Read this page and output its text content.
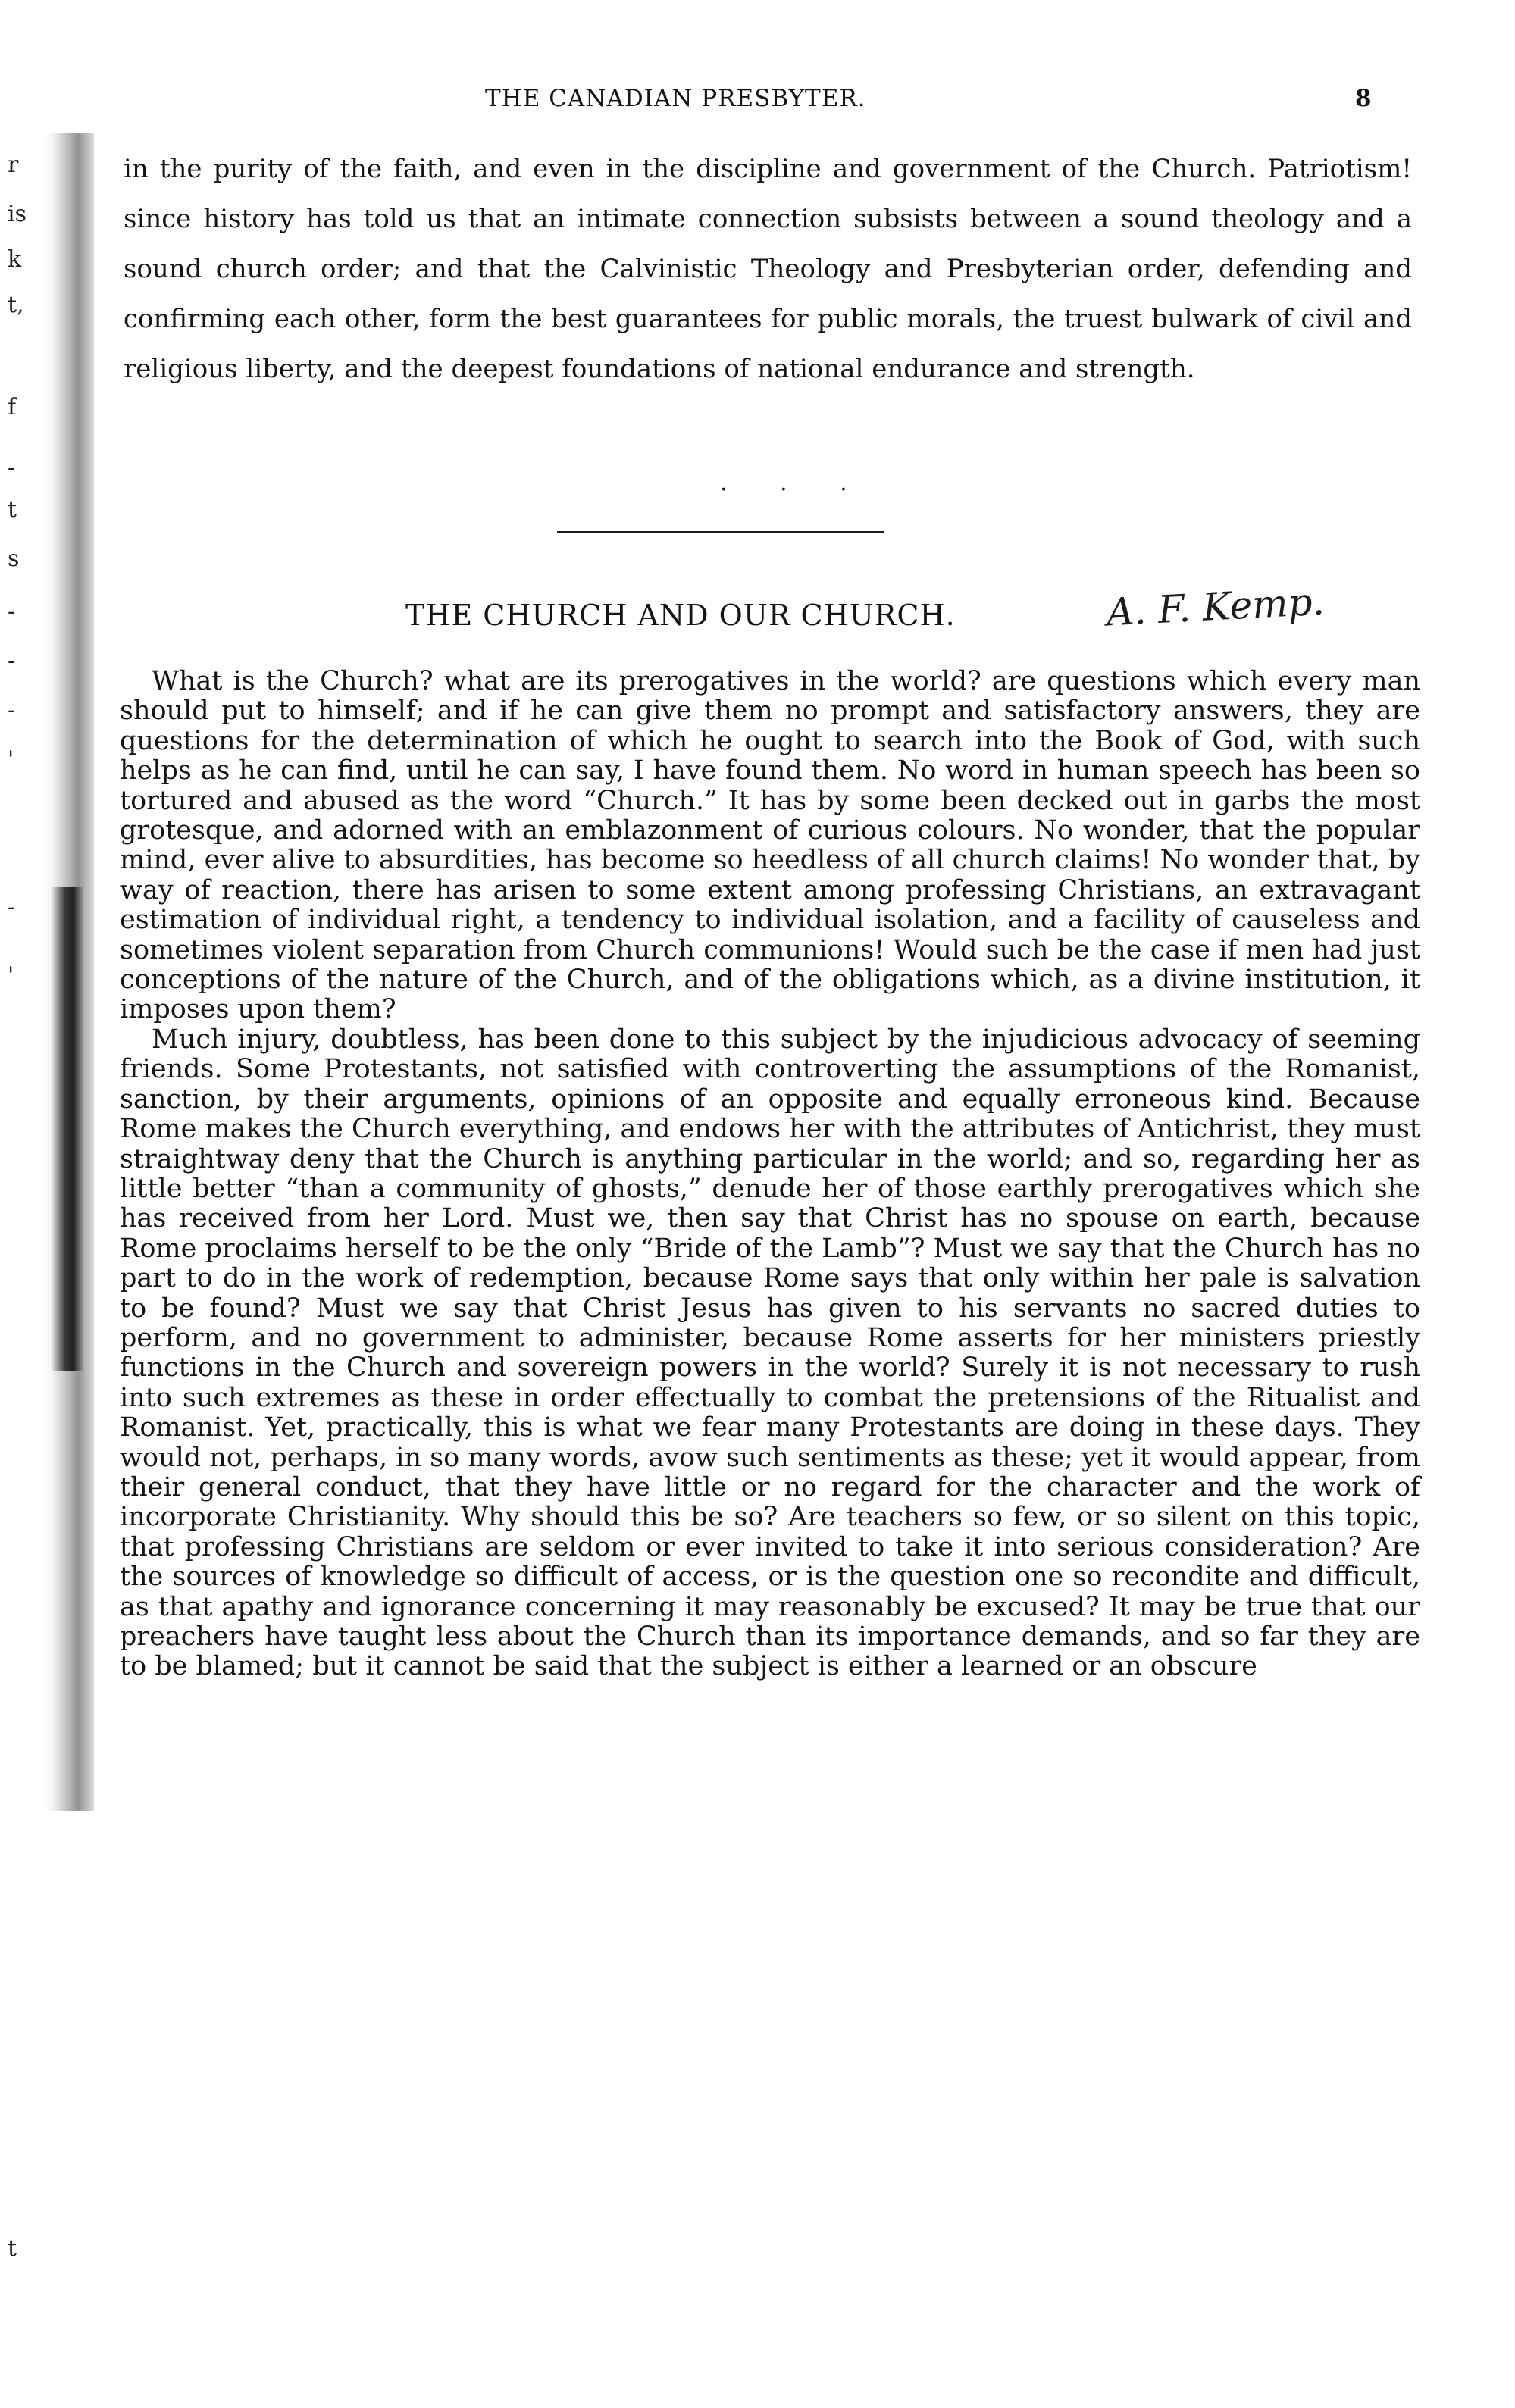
r
is
k
t,
f
-
t
s
-
-
-
'
-
'
t
THE CANADIAN PRESBYTER.	8

in the purity of the faith, and even in the discipline and government of the Church. Patriotism! since history has told us that an intimate connection subsists between a sound theology and a sound church order; and that the Calvinistic Theology and Presbyterian order, defending and confirming each other, form the best guarantees for public morals, the truest bulwark of civil and religious liberty, and the deepest foundations of national endurance and strength.

. . .
THE CHURCH AND OUR CHURCH.	A. F. Kemp.

What is the Church? what are its prerogatives in the world? are questions which every man should put to himself; and if he can give them no prompt and satisfactory answers, they are questions for the determination of which he ought to search into the Book of God, with such helps as he can find, until he can say, I have found them. No word in human speech has been so tortured and abused as the word “Church.” It has by some been decked out in garbs the most grotesque, and adorned with an emblazonment of curious colours. No wonder, that the popular mind, ever alive to absurdities, has become so heedless of all church claims! No wonder that, by way of reaction, there has arisen to some extent among professing Christians, an extravagant estimation of individual right, a tendency to individual isolation, and a facility of causeless and sometimes violent separation from Church communions! Would such be the case if men had just conceptions of the nature of the Church, and of the obligations which, as a divine institution, it imposes upon them?

Much injury, doubtless, has been done to this subject by the injudicious advocacy of seeming friends. Some Protestants, not satisfied with controverting the assumptions of the Romanist, sanction, by their arguments, opinions of an opposite and equally erroneous kind. Because Rome makes the Church everything, and endows her with the attributes of Antichrist, they must straightway deny that the Church is anything particular in the world; and so, regarding her as little better “than a community of ghosts,” denude her of those earthly prerogatives which she has received from her Lord. Must we, then say that Christ has no spouse on earth, because Rome proclaims herself to be the only “Bride of the Lamb”? Must we say that the Church has no part to do in the work of redemption, because Rome says that only within her pale is salvation to be found? Must we say that Christ Jesus has given to his servants no sacred duties to perform, and no government to administer, because Rome asserts for her ministers priestly functions in the Church and sovereign powers in the world? Surely it is not necessary to rush into such extremes as these in order effectually to combat the pretensions of the Ritualist and Romanist. Yet, practically, this is what we fear many Protestants are doing in these days. They would not, perhaps, in so many words, avow such sentiments as these; yet it would appear, from their general conduct, that they have little or no regard for the character and the work of incorporate Christianity. Why should this be so? Are teachers so few, or so silent on this topic, that professing Christians are seldom or ever invited to take it into serious consideration? Are the sources of knowledge so difficult of access, or is the question one so recondite and difficult, as that apathy and ignorance concerning it may reasonably be excused? It may be true that our preachers have taught less about the Church than its importance demands, and so far they are to be blamed; but it cannot be said that the subject is either a learned or an obscure
